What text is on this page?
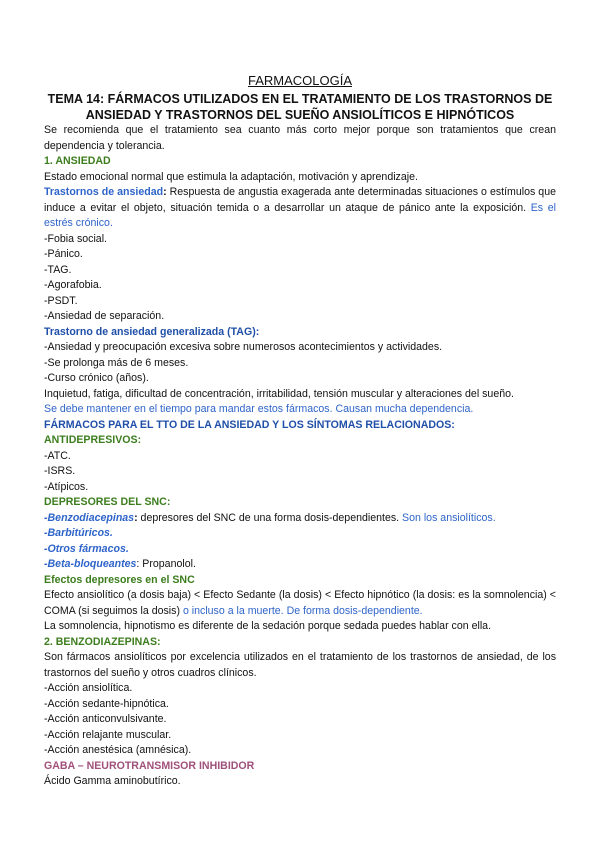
FARMACOLOGÍA

TEMA 14: FÁRMACOS UTILIZADOS EN EL TRATAMIENTO DE LOS TRASTORNOS DE ANSIEDAD Y TRASTORNOS DEL SUEÑO ANSIOLÍTICOS E HIPNÓTICOS

Se recomienda que el tratamiento sea cuanto más corto mejor porque son tratamientos que crean dependencia y tolerancia.

1. ANSIEDAD

Estado emocional normal que estimula la adaptación, motivación y aprendizaje.

Trastornos de ansiedad: Respuesta de angustia exagerada ante determinadas situaciones o estímulos que induce a evitar el objeto, situación temida o a desarrollar un ataque de pánico ante la exposición. Es el estrés crónico.

-Fobia social.

-Pánico.

-TAG.

-Agorafobia.

-PSDT.

-Ansiedad de separación.

Trastorno de ansiedad generalizada (TAG):

-Ansiedad y preocupación excesiva sobre numerosos acontecimientos y actividades.

-Se prolonga más de 6 meses.

-Curso crónico (años).

Inquietud, fatiga, dificultad de concentración, irritabilidad, tensión muscular y alteraciones del sueño.

Se debe mantener en el tiempo para mandar estos fármacos. Causan mucha dependencia.

FÁRMACOS PARA EL TTO DE LA ANSIEDAD Y LOS SÍNTOMAS RELACIONADOS:

ANTIDEPRESIVOS:

-ATC.

-ISRS.

-Atípicos.

DEPRESORES DEL SNC:

-Benzodiacepinas: depresores del SNC de una forma dosis-dependientes. Son los ansiolíticos.

-Barbitúricos.

-Otros fármacos.

-Beta-bloqueantes: Propanolol.

Efectos depresores en el SNC

Efecto ansiolítico (a dosis baja) < Efecto Sedante (la dosis) < Efecto hipnótico (la dosis: es la somnolencia) < COMA (si seguimos la dosis) o incluso a la muerte. De forma dosis-dependiente.

La somnolencia, hipnotismo es diferente de la sedación porque sedada puedes hablar con ella.

2. BENZODIAZEPINAS:

Son fármacos ansiolíticos por excelencia utilizados en el tratamiento de los trastornos de ansiedad, de los trastornos del sueño y otros cuadros clínicos.

-Acción ansiolítica.

-Acción sedante-hipnótica.

-Acción anticonvulsivante.

-Acción relajante muscular.

-Acción anestésica (amnésica).

GABA – NEUROTRANSMISOR INHIBIDOR

Ácido Gamma aminobutírico.
